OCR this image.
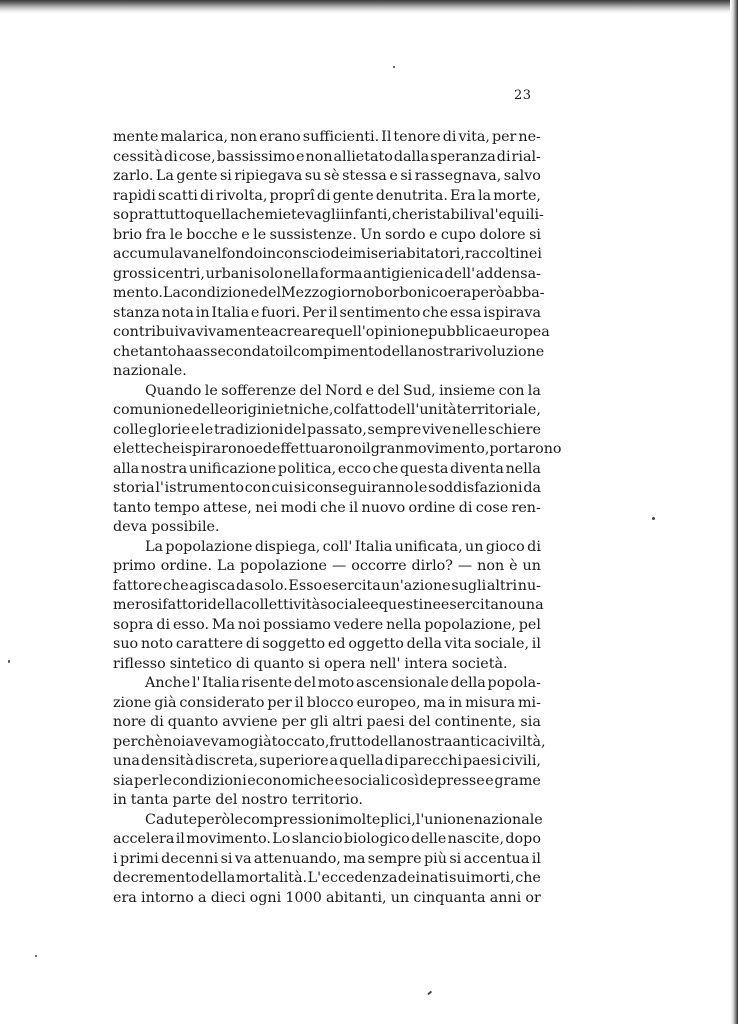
23
mente malarica, non erano sufficienti. Il tenore di vita, per ne-
cessità di cose, bassissimo e non allietato dalla speranza di rial-
zarlo. La gente si ripiegava su sè stessa e si rassegnava, salvo
rapidi scatti di rivolta, proprî di gente denutrita. Era la morte,
soprattutto quella che mieteva gli infanti, che ristabiliva l'equili-
brio fra le bocche e le sussistenze. Un sordo e cupo dolore si
accumulava nel fondo inconscio dei miseri abitatori, raccolti nei
grossi centri, urbani solo nella forma antigienica dell' addensa-
mento. La condizione del Mezzogiorno borbonico era però abba-
stanza nota in Italia e fuori. Per il sentimento che essa ispirava
contribuiva vivamente a creare quell' opinione pubblica europea
che tanto ha assecondato il compimento della nostra rivoluzione
nazionale.
Quando le sofferenze del Nord e del Sud, insieme con la
comunione delle origini etniche, col fatto dell' unità territoriale,
colle glorie e le tradizioni del passato, sempre vive nelle schiere
elette che ispirarono ed effettuarono il gran movimento, portarono
alla nostra unificazione politica, ecco che questa diventa nella
storia l' istrumento con cui si conseguiranno le soddisfazioni da
tanto tempo attese, nei modi che il nuovo ordine di cose ren-
deva possibile.
La popolazione dispiega, coll' Italia unificata, un gioco di
primo ordine. La popolazione — occorre dirlo? — non è un
fattore che agisca da solo. Esso esercita un'azione sugli altri nu-
merosi fattori della collettività sociale e questi ne esercitano una
sopra di esso. Ma noi possiamo vedere nella popolazione, pel
suo noto carattere di soggetto ed oggetto della vita sociale, il
riflesso sintetico di quanto si opera nell' intera società.
Anche l' Italia risente del moto ascensionale della popola-
zione già considerato per il blocco europeo, ma in misura mi-
nore di quanto avviene per gli altri paesi del continente, sia
perchè noi avevamo già toccato, frutto della nostra antica civiltà,
una densità discreta, superiore a quella di parecchi paesi civili,
sia per le condizioni economiche e sociali così depresse e grame
in tanta parte del nostro territorio.
Cadute però le compressioni molteplici, l' unione nazionale
accelera il movimento. Lo slancio biologico delle nascite, dopo
i primi decenni si va attenuando, ma sempre più si accentua il
decremento della mortalità. L' eccedenza dei nati sui morti, che
era intorno a dieci ogni 1000 abitanti, un cinquanta anni or
